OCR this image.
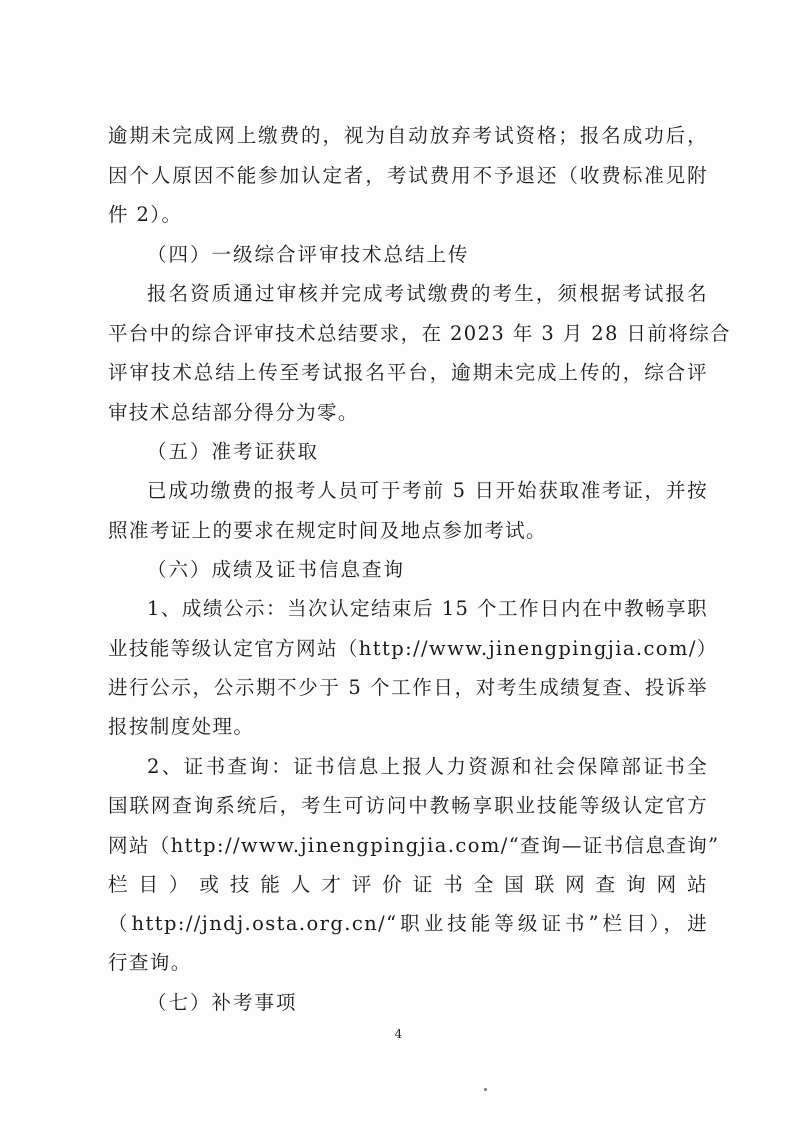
逾期未完成网上缴费的，视为自动放弃考试资格；报名成功后，
因个人原因不能参加认定者，考试费用不予退还（收费标准见附
件 2）。
（四）一级综合评审技术总结上传
报名资质通过审核并完成考试缴费的考生，须根据考试报名
平台中的综合评审技术总结要求，在 2023 年 3 月 28 日前将综合
评审技术总结上传至考试报名平台，逾期未完成上传的，综合评
审技术总结部分得分为零。
（五）准考证获取
已成功缴费的报考人员可于考前 5 日开始获取准考证，并按
照准考证上的要求在规定时间及地点参加考试。
（六）成绩及证书信息查询
1、成绩公示：当次认定结束后 15 个工作日内在中教畅享职
业技能等级认定官方网站（http://www.jinengpingjia.com/）
进行公示，公示期不少于 5 个工作日，对考生成绩复查、投诉举
报按制度处理。
2、证书查询：证书信息上报人力资源和社会保障部证书全
国联网查询系统后，考生可访问中教畅享职业技能等级认定官方
网站（http://www.jinengpingjia.com/“查询—证书信息查询”
栏目）或技能人才评价证书全国联网查询网站
（http://jndj.osta.org.cn/“职业技能等级证书”栏目），进
行查询。
（七）补考事项
4
